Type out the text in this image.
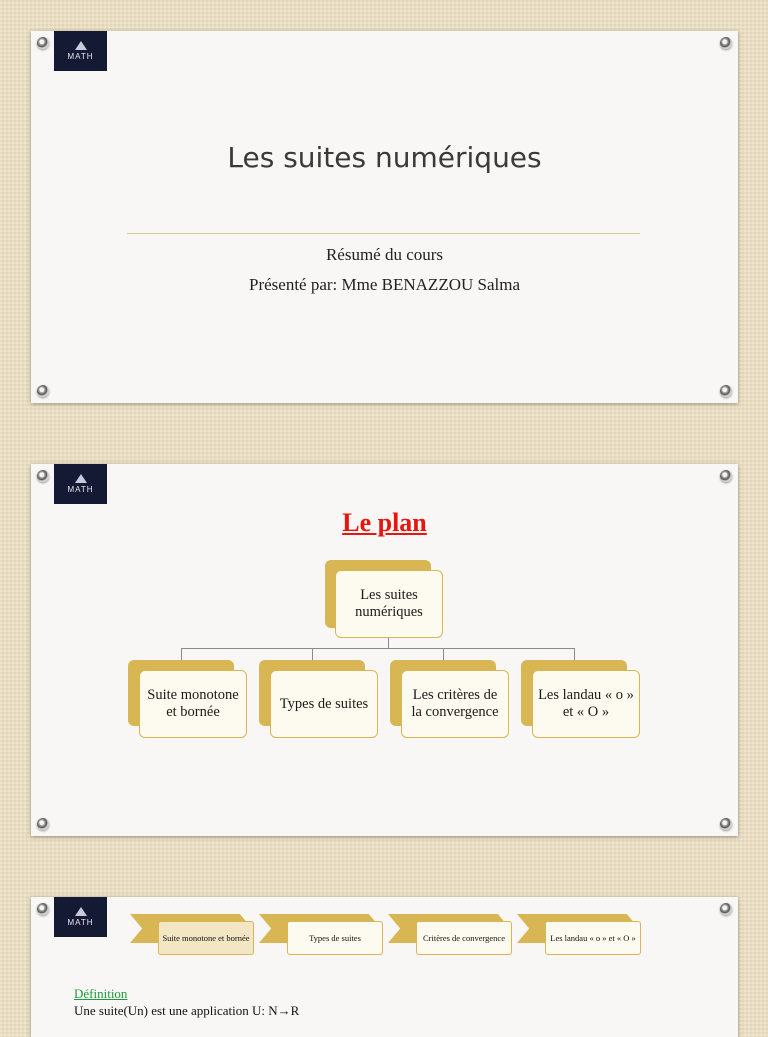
MATH
Les suites numériques
Résumé du cours
Présenté par: Mme BENAZZOU Salma
MATH
Le plan
Les suites numériques
Suite monotone et bornée
Types de suites
Les critères de la convergence
Les landau « o » et « O »
MATH
Suite monotone et bornée	Types de suites	Critères de convergence	Les landau « o » et « O »
Définition
Une suite(Un) est une application U: N→R
